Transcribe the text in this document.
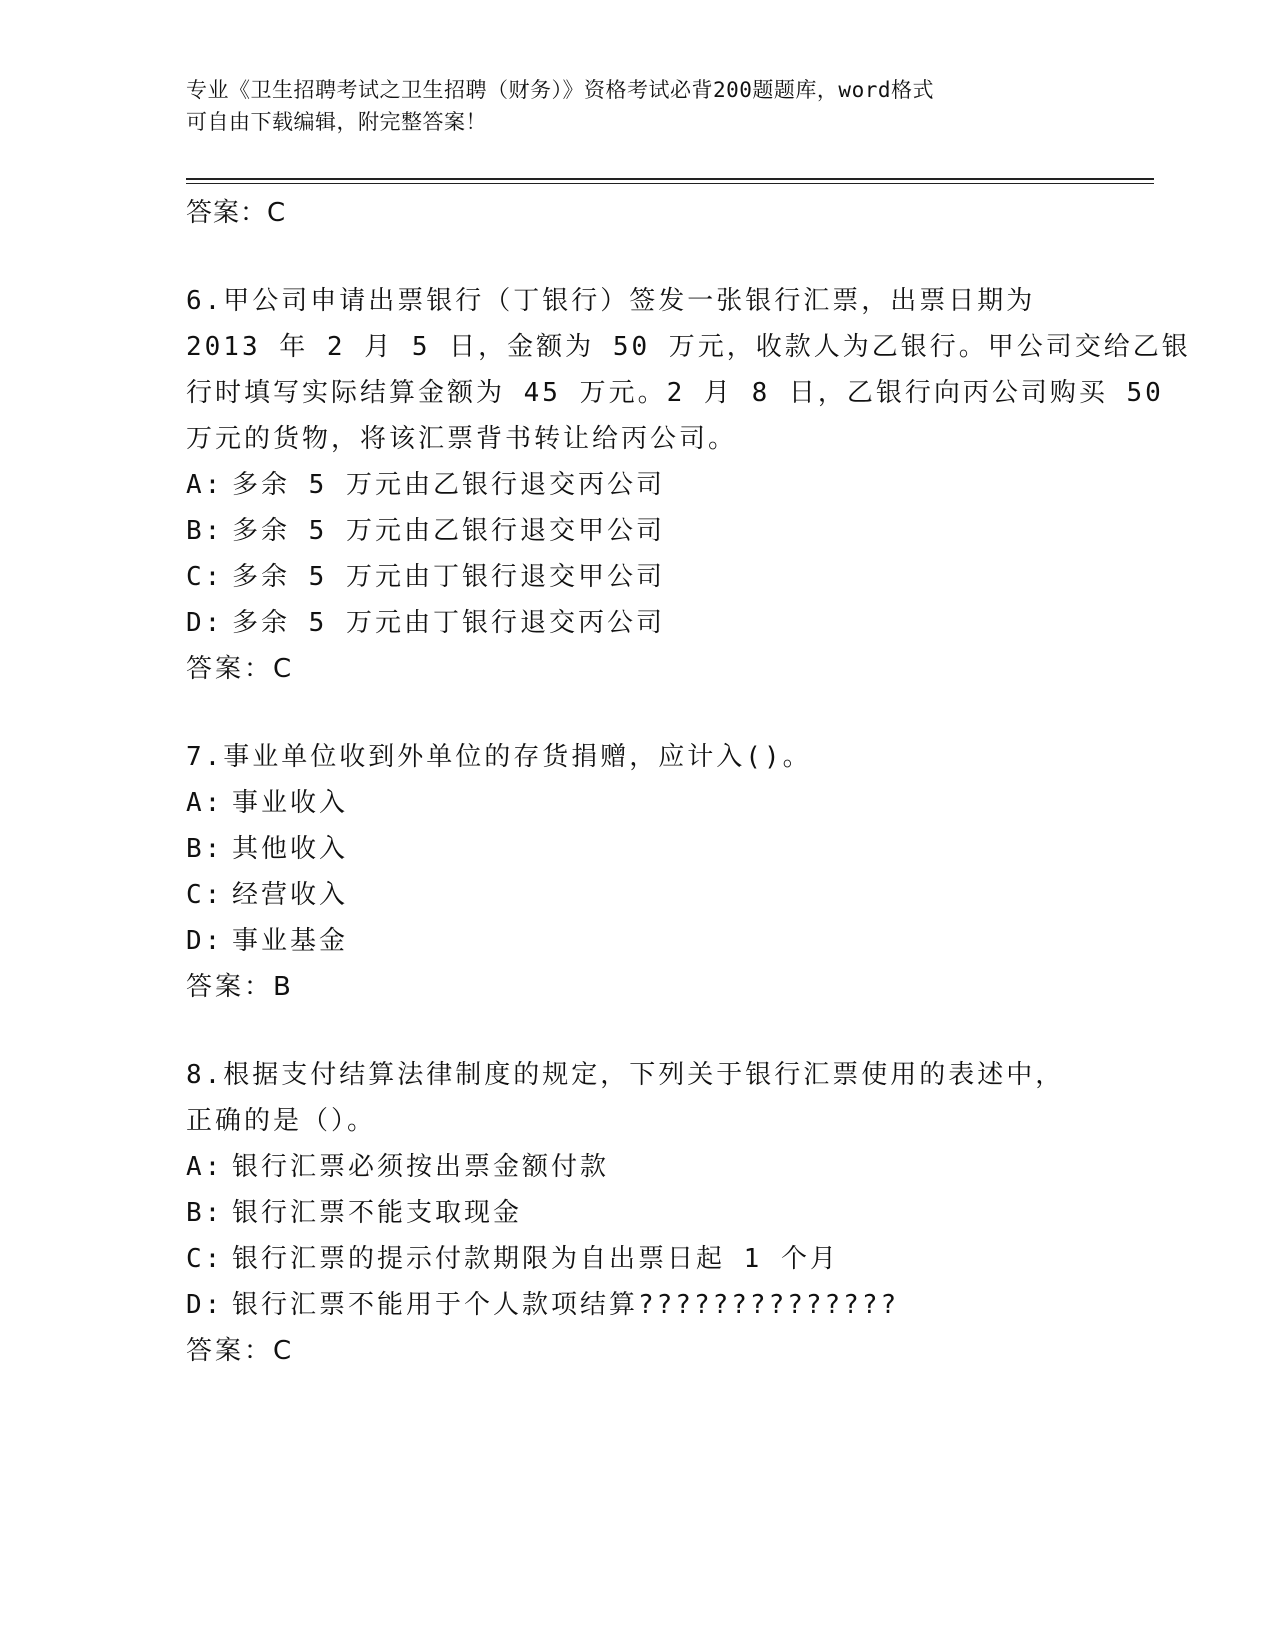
专业《卫生招聘考试之卫生招聘（财务）》资格考试必背200题题库，word格式
可自由下载编辑，附完整答案！
答案：C
6.甲公司申请出票银行（丁银行）签发一张银行汇票，出票日期为
2013 年 2 月 5 日，金额为 50 万元，收款人为乙银行。甲公司交给乙银
行时填写实际结算金额为 45 万元。2 月 8 日，乙银行向丙公司购买 50
万元的货物，将该汇票背书转让给丙公司。
A: 多余 5 万元由乙银行退交丙公司
B: 多余 5 万元由乙银行退交甲公司
C: 多余 5 万元由丁银行退交甲公司
D: 多余 5 万元由丁银行退交丙公司
答案：C
7.事业单位收到外单位的存货捐赠，应计入()。
A: 事业收入
B: 其他收入
C: 经营收入
D: 事业基金
答案：B
8.根据支付结算法律制度的规定，下列关于银行汇票使用的表述中，
正确的是（）。
A: 银行汇票必须按出票金额付款
B: 银行汇票不能支取现金
C: 银行汇票的提示付款期限为自出票日起 1 个月
D: 银行汇票不能用于个人款项结算??????????????
答案：C
